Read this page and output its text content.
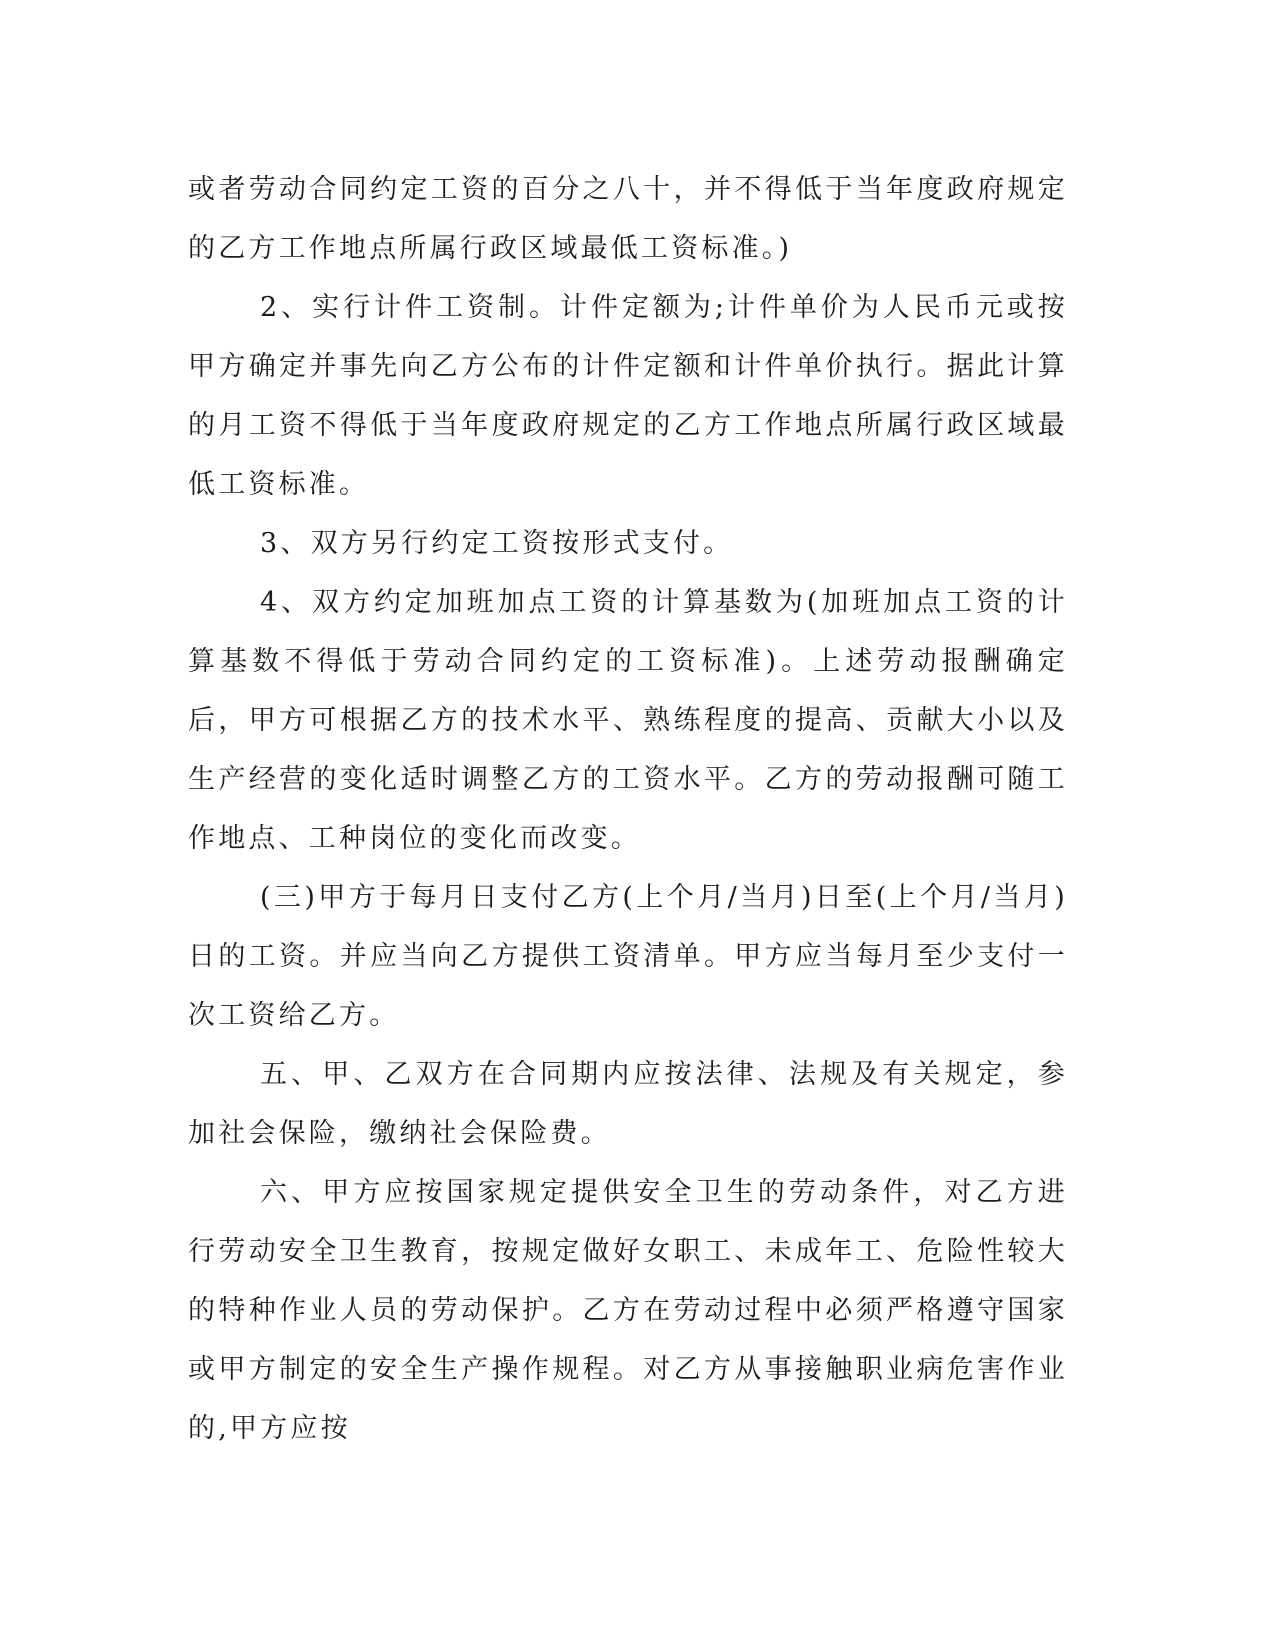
或者劳动合同约定工资的百分之八十，并不得低于当年度政府规定的乙方工作地点所属行政区域最低工资标准。)

2、实行计件工资制。计件定额为;计件单价为人民币元或按甲方确定并事先向乙方公布的计件定额和计件单价执行。据此计算的月工资不得低于当年度政府规定的乙方工作地点所属行政区域最低工资标准。

3、双方另行约定工资按形式支付。

4、双方约定加班加点工资的计算基数为(加班加点工资的计算基数不得低于劳动合同约定的工资标准)。上述劳动报酬确定后，甲方可根据乙方的技术水平、熟练程度的提高、贡献大小以及生产经营的变化适时调整乙方的工资水平。乙方的劳动报酬可随工作地点、工种岗位的变化而改变。

(三)甲方于每月日支付乙方(上个月/当月)日至(上个月/当月)日的工资。并应当向乙方提供工资清单。甲方应当每月至少支付一次工资给乙方。

五、甲、乙双方在合同期内应按法律、法规及有关规定，参加社会保险，缴纳社会保险费。

六、甲方应按国家规定提供安全卫生的劳动条件，对乙方进行劳动安全卫生教育，按规定做好女职工、未成年工、危险性较大的特种作业人员的劳动保护。乙方在劳动过程中必须严格遵守国家或甲方制定的安全生产操作规程。对乙方从事接触职业病危害作业的,甲方应按
